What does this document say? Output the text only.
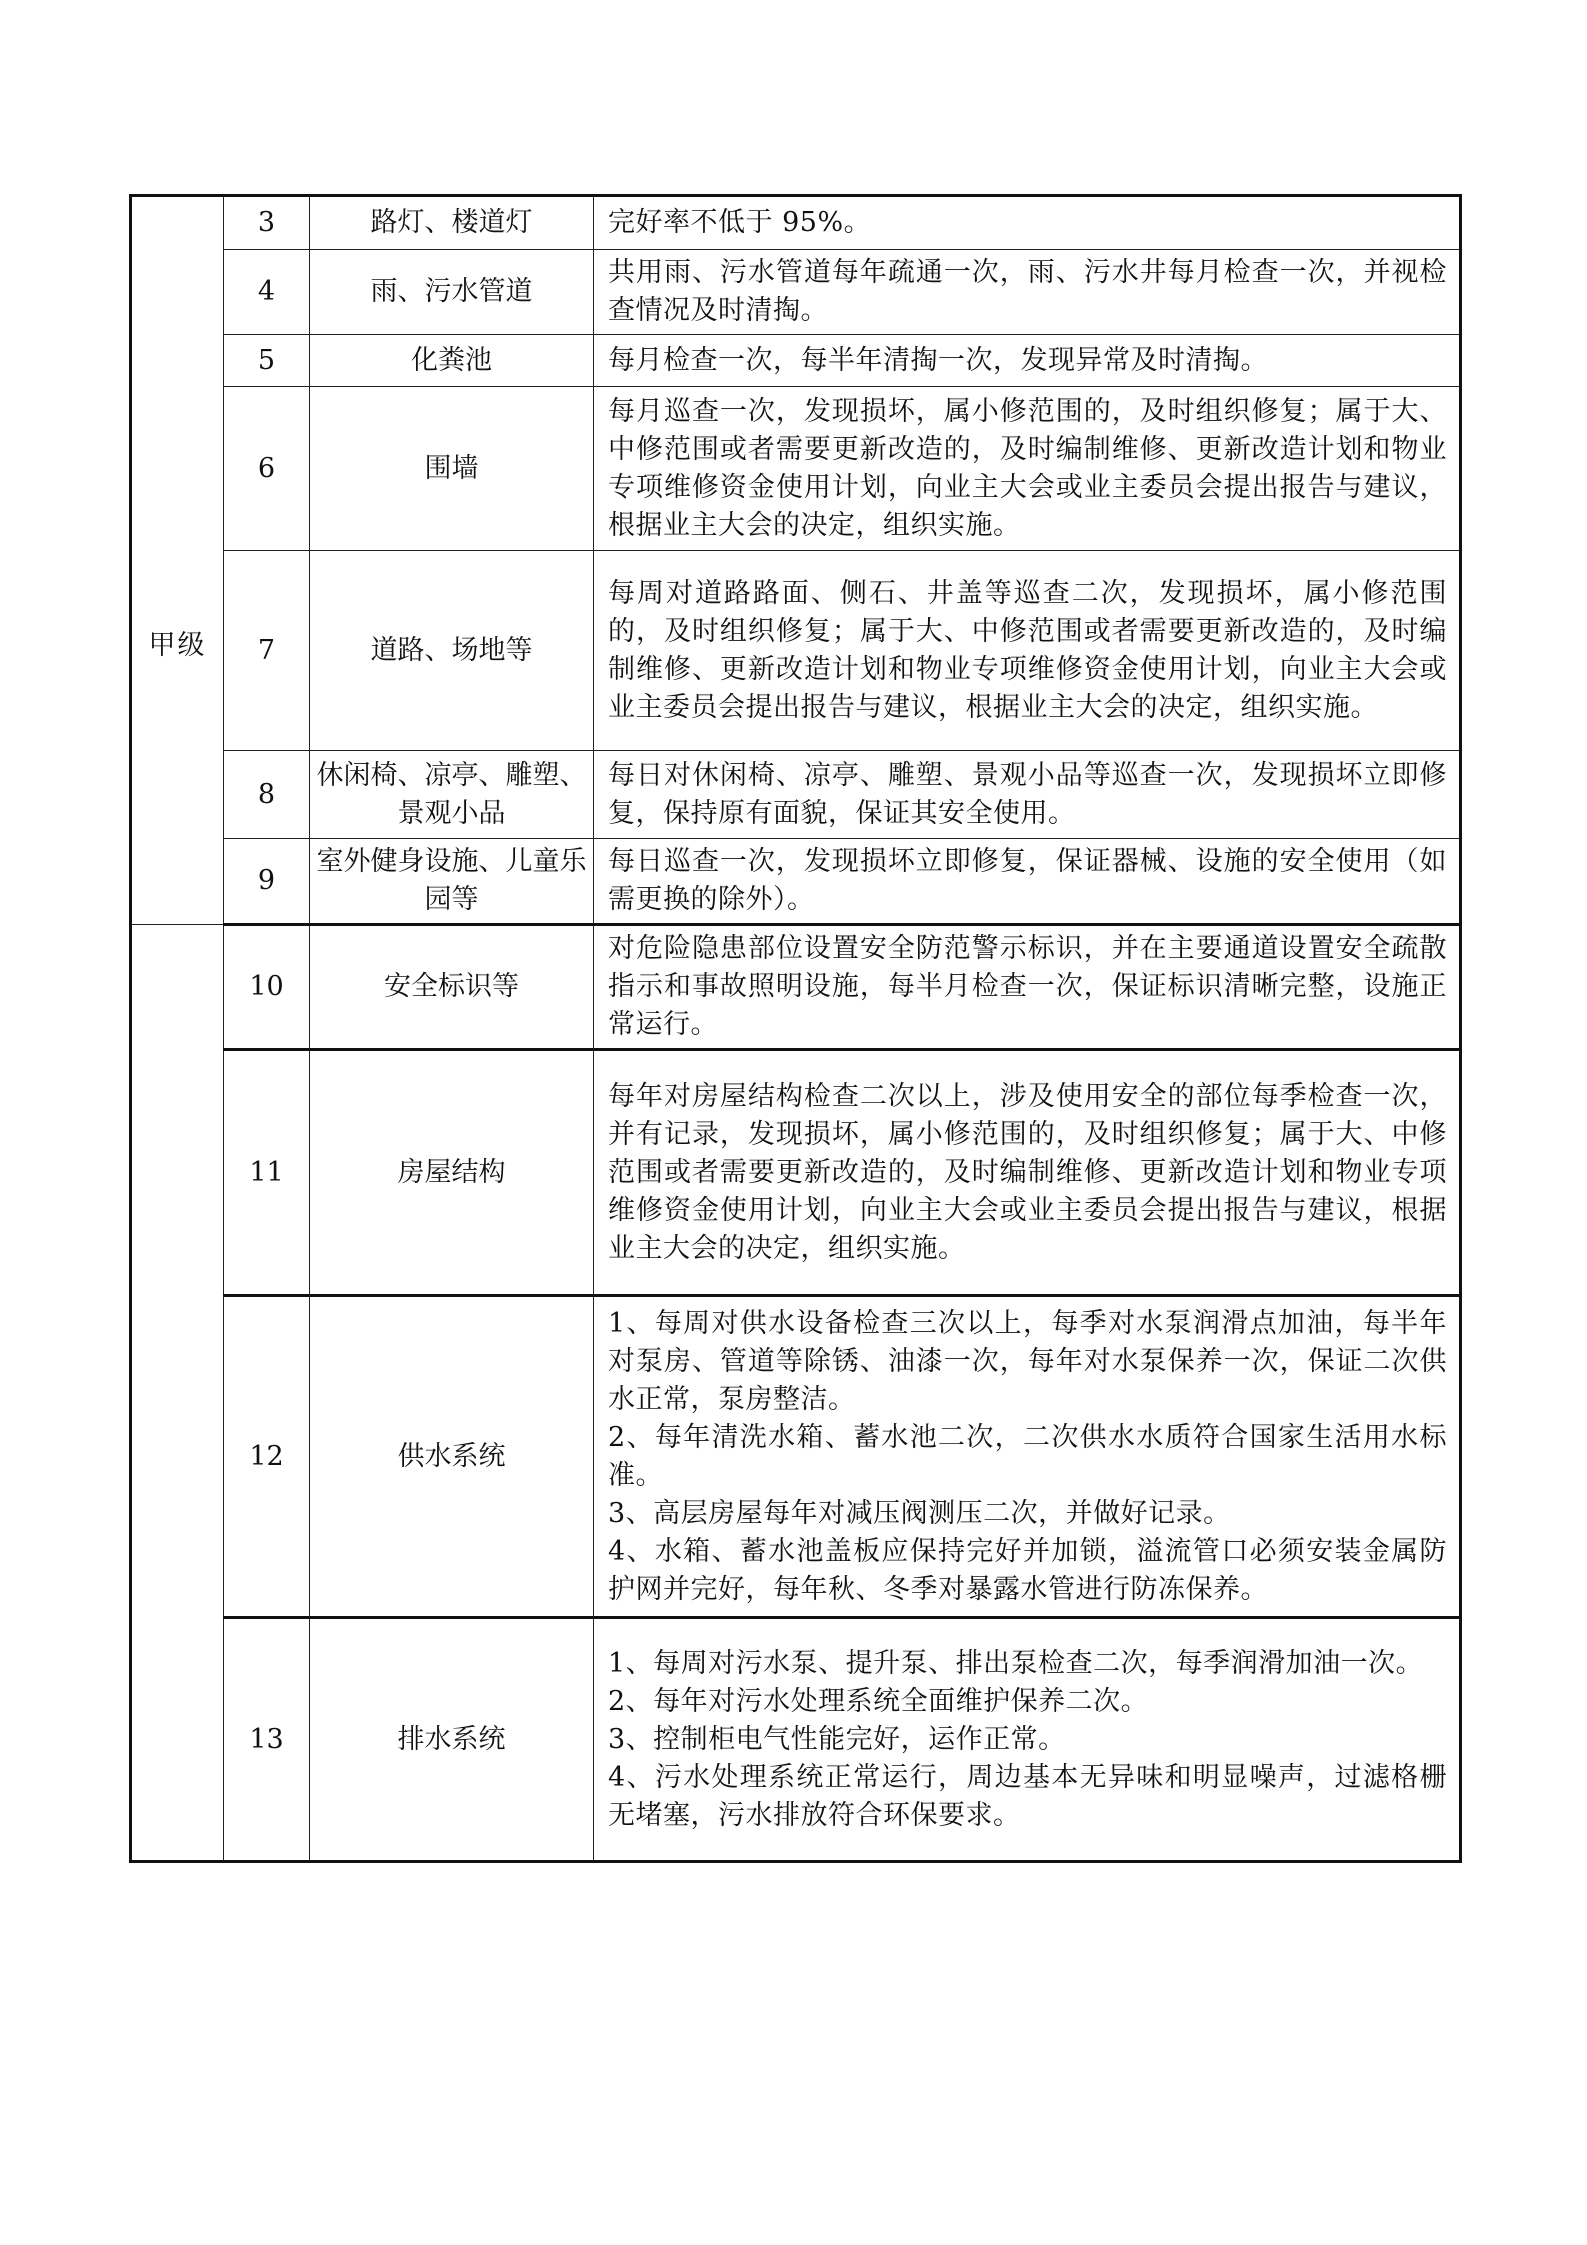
甲级	3	路灯、楼道灯	完好率不低于 95%。
	4	雨、污水管道	共用雨、污水管道每年疏通一次，雨、污水井每月检查一次，并视检查情况及时清掏。
	5	化粪池	每月检查一次，每半年清掏一次，发现异常及时清掏。
	6	围墙	每月巡查一次，发现损坏，属小修范围的，及时组织修复；属于大、中修范围或者需要更新改造的，及时编制维修、更新改造计划和物业专项维修资金使用计划，向业主大会或业主委员会提出报告与建议，根据业主大会的决定，组织实施。
	7	道路、场地等	每周对道路路面、侧石、井盖等巡查二次，发现损坏，属小修范围的，及时组织修复；属于大、中修范围或者需要更新改造的，及时编制维修、更新改造计划和物业专项维修资金使用计划，向业主大会或业主委员会提出报告与建议，根据业主大会的决定，组织实施。
	8	休闲椅、凉亭、雕塑、景观小品	每日对休闲椅、凉亭、雕塑、景观小品等巡查一次，发现损坏立即修复，保持原有面貌，保证其安全使用。
	9	室外健身设施、儿童乐园等	每日巡查一次，发现损坏立即修复，保证器械、设施的安全使用（如需更换的除外）。
	10	安全标识等	对危险隐患部位设置安全防范警示标识，并在主要通道设置安全疏散指示和事故照明设施，每半月检查一次，保证标识清晰完整，设施正常运行。
	11	房屋结构	每年对房屋结构检查二次以上，涉及使用安全的部位每季检查一次，并有记录，发现损坏，属小修范围的，及时组织修复；属于大、中修范围或者需要更新改造的，及时编制维修、更新改造计划和物业专项维修资金使用计划，向业主大会或业主委员会提出报告与建议，根据业主大会的决定，组织实施。
	12	供水系统	1、每周对供水设备检查三次以上，每季对水泵润滑点加油，每半年对泵房、管道等除锈、油漆一次，每年对水泵保养一次，保证二次供水正常，泵房整洁。
2、每年清洗水箱、蓄水池二次，二次供水水质符合国家生活用水标准。
3、高层房屋每年对减压阀测压二次，并做好记录。
4、水箱、蓄水池盖板应保持完好并加锁，溢流管口必须安装金属防护网并完好，每年秋、冬季对暴露水管进行防冻保养。

	13	排水系统	1、每周对污水泵、提升泵、排出泵检查二次，每季润滑加油一次。
2、每年对污水处理系统全面维护保养二次。
3、控制柜电气性能完好，运作正常。
4、污水处理系统正常运行，周边基本无异味和明显噪声，过滤格栅无堵塞，污水排放符合环保要求。
